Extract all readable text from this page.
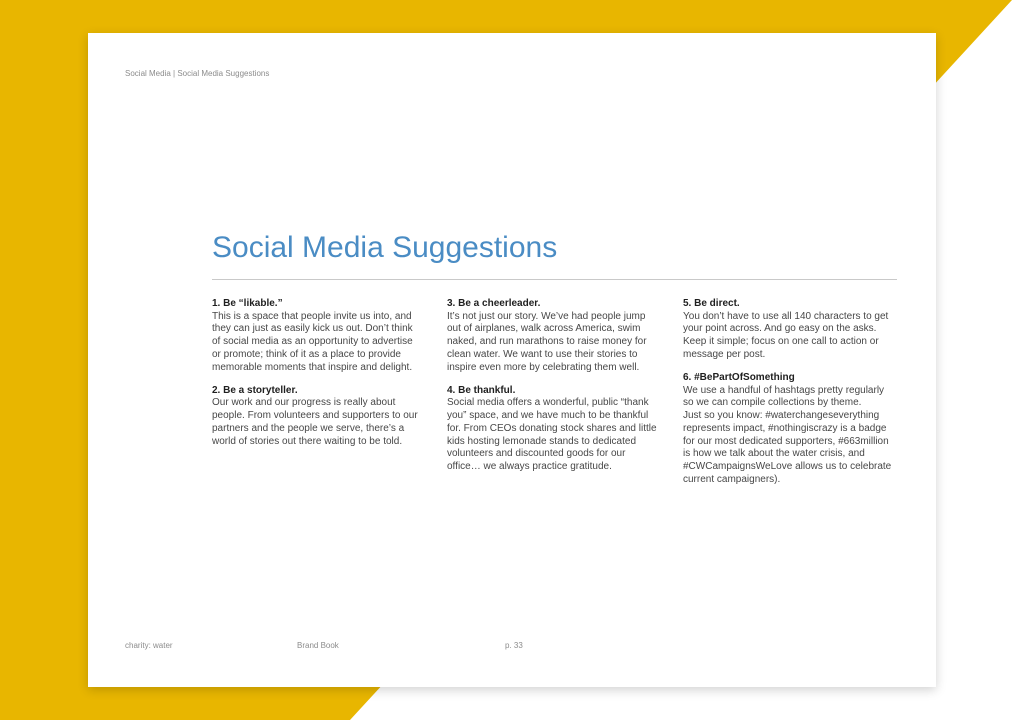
Social Media | Social Media Suggestions
Social Media Suggestions
1. Be “likable.”
This is a space that people invite us into, and
they can just as easily kick us out. Don’t think
of social media as an opportunity to advertise
or promote; think of it as a place to provide
memorable moments that inspire and delight.
2. Be a storyteller.
Our work and our progress is really about
people. From volunteers and supporters to our
partners and the people we serve, there’s a
world of stories out there waiting to be told.
3. Be a cheerleader.
It’s not just our story. We’ve had people jump
out of airplanes, walk across America, swim
naked, and run marathons to raise money for
clean water. We want to use their stories to
inspire even more by celebrating them well.
4. Be thankful.
Social media offers a wonderful, public “thank
you” space, and we have much to be thankful
for. From CEOs donating stock shares and little
kids hosting lemonade stands to dedicated
volunteers and discounted goods for our
office… we always practice gratitude.
5. Be direct.
You don’t have to use all 140 characters to get
your point across. And go easy on the asks.
Keep it simple; focus on one call to action or
message per post.
6. #BePartOfSomething
We use a handful of hashtags pretty regularly
so we can compile collections by theme.
Just so you know: #waterchangeseverything
represents impact, #nothingiscrazy is a badge
for our most dedicated supporters, #663million
is how we talk about the water crisis, and
#CWCampaignsWeLove allows us to celebrate
current campaigners).
charity: water	Brand Book	p. 33
